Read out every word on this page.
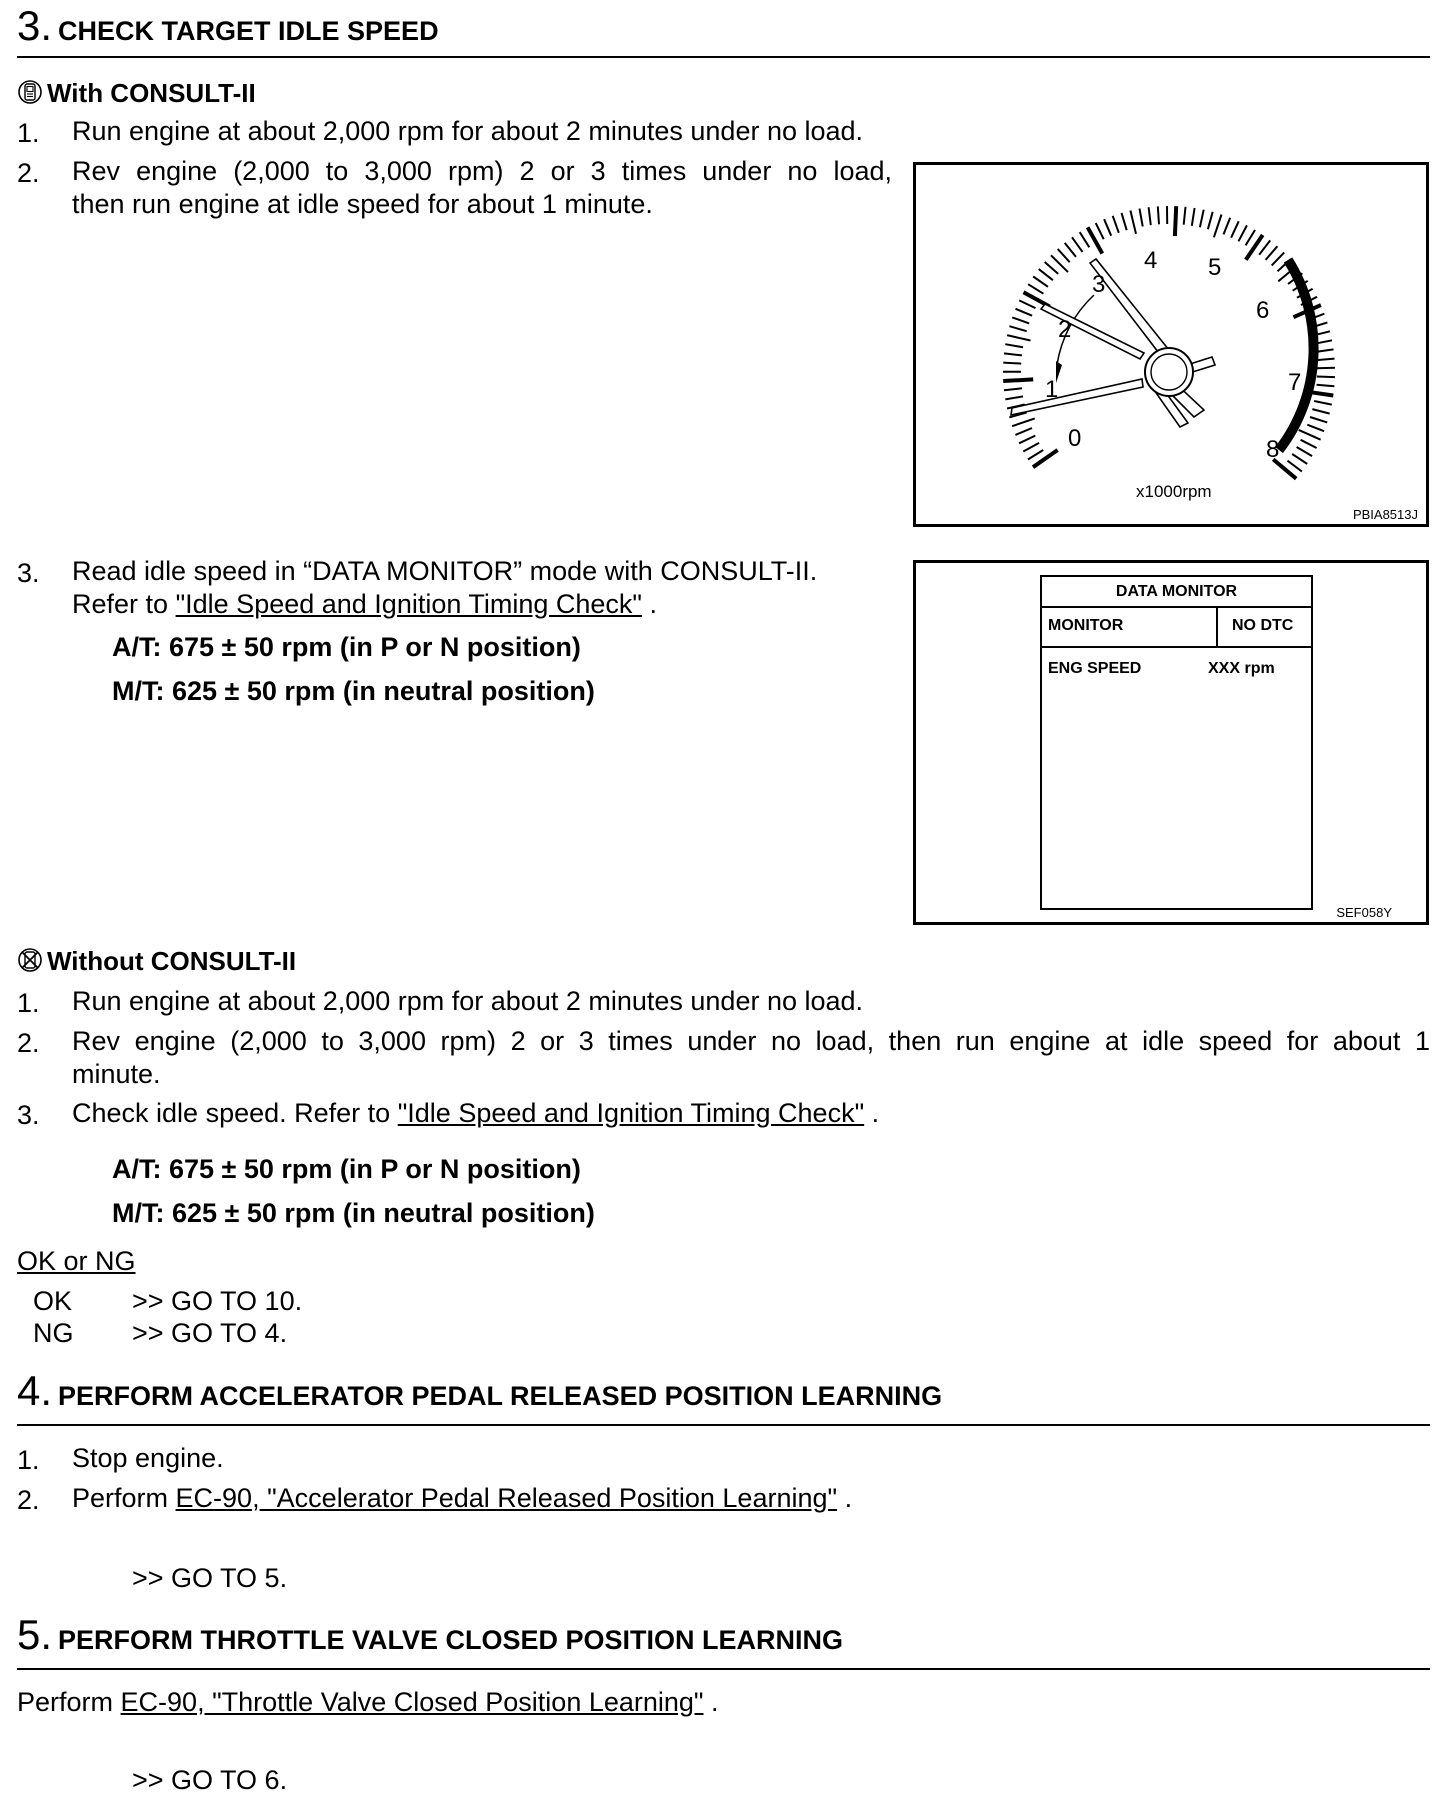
3. CHECK TARGET IDLE SPEED
With CONSULT-II
1. Run engine at about 2,000 rpm for about 2 minutes under no load.
2. Rev engine (2,000 to 3,000 rpm) 2 or 3 times under no load,
then run engine at idle speed for about 1 minute.
0
1
2
3
4 5
6
7
8
x1000rpm
PBIA8513J
3. Read idle speed in “DATA MONITOR” mode with CONSULT-II.
Refer to "Idle Speed and Ignition Timing Check" .
A/T: 675 ± 50 rpm (in P or N position)
M/T: 625 ± 50 rpm (in neutral position)
DATA MONITOR
MONITOR	NO DTC
ENG SPEED	XXX rpm
SEF058Y
Without CONSULT-II
1. Run engine at about 2,000 rpm for about 2 minutes under no load.
2. Rev engine (2,000 to 3,000 rpm) 2 or 3 times under no load, then run engine at idle speed for about 1
minute.
3. Check idle speed. Refer to "Idle Speed and Ignition Timing Check" .
A/T: 675 ± 50 rpm (in P or N position)
M/T: 625 ± 50 rpm (in neutral position)
OK or NG
OK >> GO TO 10.
NG >> GO TO 4.
4. PERFORM ACCELERATOR PEDAL RELEASED POSITION LEARNING
1. Stop engine.
2. Perform EC-90, "Accelerator Pedal Released Position Learning" .
>> GO TO 5.
5. PERFORM THROTTLE VALVE CLOSED POSITION LEARNING
Perform EC-90, "Throttle Valve Closed Position Learning" .
>> GO TO 6.
